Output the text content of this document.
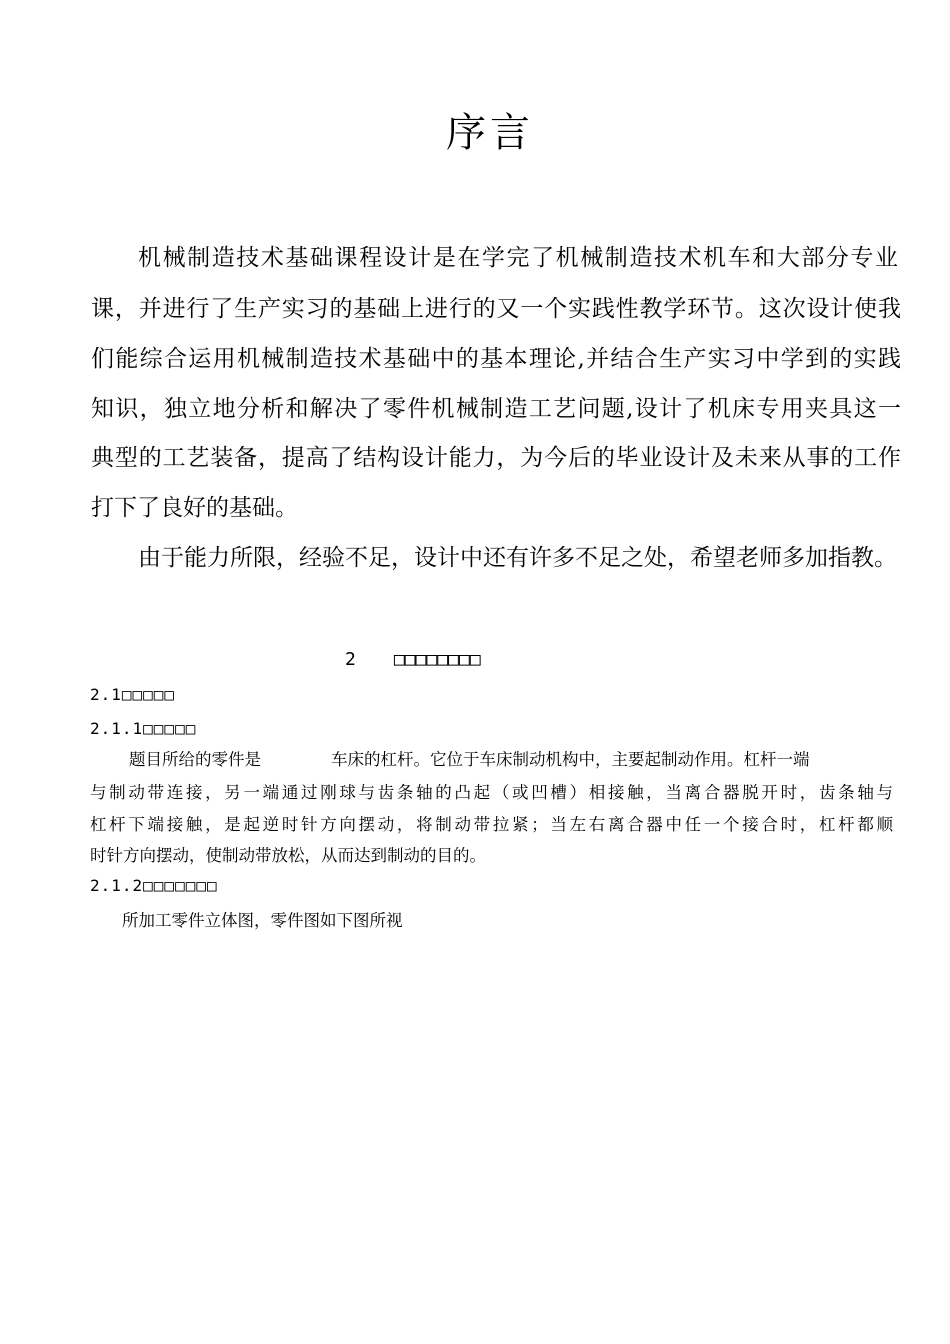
序言
机械制造技术基础课程设计是在学完了机械制造技术机车和大部分专业
课，并进行了生产实习的基础上进行的又一个实践性教学环节。这次设计使我
们能综合运用机械制造技术基础中的基本理论,并结合生产实习中学到的实践
知识，独立地分析和解决了零件机械制造工艺问题,设计了机床专用夹具这一
典型的工艺装备，提高了结构设计能力，为今后的毕业设计及未来从事的工作
打下了良好的基础。
由于能力所限，经验不足，设计中还有许多不足之处，希望老师多加指教。
2 □□□□□□□□
2.1□□□□□
2.1.1□□□□□
题目所给的零件是	车床的杠杆。它位于车床制动机构中，主要起制动作用。杠杆一端
与制动带连接，另一端通过刚球与齿条轴的凸起（或凹槽）相接触，当离合器脱开时，齿条轴与
杠杆下端接触，是起逆时针方向摆动，将制动带拉紧；当左右离合器中任一个接合时，杠杆都顺
时针方向摆动，使制动带放松，从而达到制动的目的。
2.1.2□□□□□□□
所加工零件立体图，零件图如下图所视
